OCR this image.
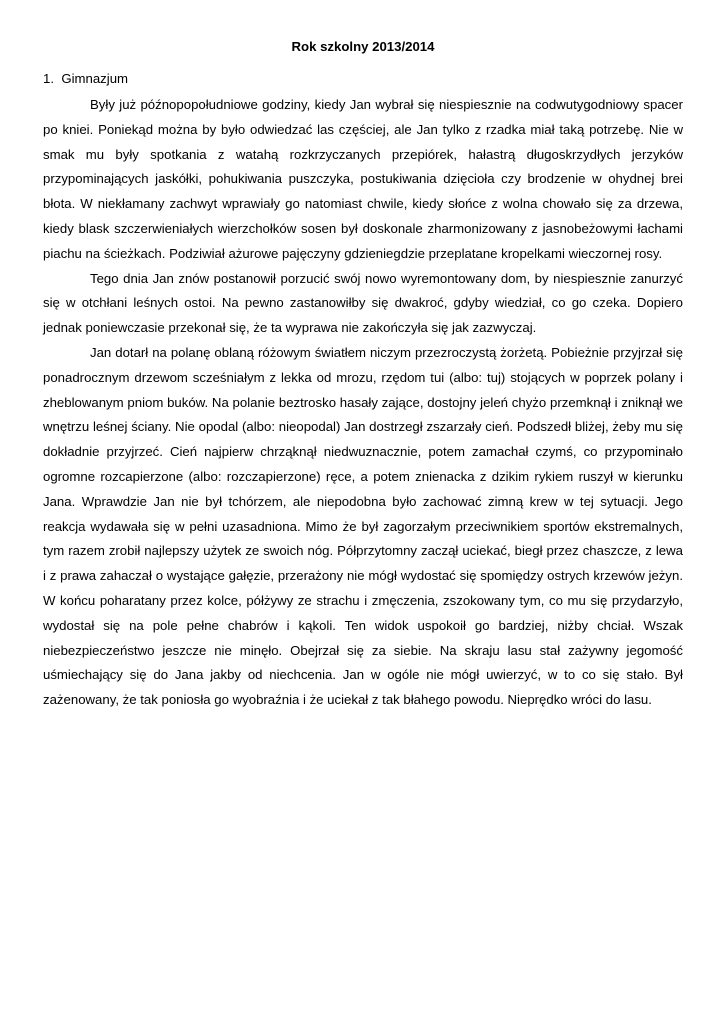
Rok szkolny 2013/2014
1.  Gimnazjum

Były już późnopopołudniowe godziny, kiedy Jan wybrał się niespiesznie na codwutygodniowy spacer po kniei. Poniekąd można by było odwiedzać las częściej, ale Jan tylko z rzadka miał taką potrzebę. Nie w smak mu były spotkania z watahą rozkrzyczanych przepiórek, hałastrą długoskrzydłych jerzyków przypominających jaskółki, pohukiwania puszczyka, postukiwania dzięcioła czy brodzenie w ohydnej brei błota. W niekłamany zachwyt wprawiały go natomiast chwile, kiedy słońce z wolna chowało się za drzewa, kiedy blask szczerwieniałych wierzchołków sosen był doskonale zharmonizowany z jasnobeżowymi łachami piachu na ścieżkach. Podziwiał ażurowe pajęczyny gdzieniegdzie przeplatane kropelkami wieczornej rosy.

Tego dnia Jan znów postanowił porzucić swój nowo wyremontowany dom, by niespiesznie zanurzyć się w otchłani leśnych ostoi. Na pewno zastanowiłby się dwakroć, gdyby wiedział, co go czeka. Dopiero jednak poniewczasie przekonał się, że ta wyprawa nie zakończyła się jak zazwyczaj.

Jan dotarł na polanę oblaną różowym światłem niczym przezroczystą żorżetą. Pobieżnie przyjrzał się ponadrocznym drzewom scześniałym z lekka od mrozu, rzędom tui (albo: tuj) stojących w poprzek polany i zheblowanym pniom buków. Na polanie beztrosko hasały zające, dostojny jeleń chyżo przemknął i zniknął we wnętrzu leśnej ściany. Nie opodal (albo: nieopodal) Jan dostrzegł zszarzały cień. Podszedł bliżej, żeby mu się dokładnie przyjrzeć. Cień najpierw chrząknął niedwuznacznie, potem zamachał czymś, co przypominało ogromne rozcapierzone (albo: rozczapierzone) ręce, a potem znienacka z dzikim rykiem ruszył w kierunku Jana. Wprawdzie Jan nie był tchórzem, ale niepodobna było zachować zimną krew w tej sytuacji. Jego reakcja wydawała się w pełni uzasadniona. Mimo że był zagorzałym przeciwnikiem sportów ekstremalnych, tym razem zrobił najlepszy użytek ze swoich nóg. Półprzytomny zaczął uciekać, biegł przez chaszcze, z lewa i z prawa zahaczał o wystające gałęzie, przerażony nie mógł wydostać się spomiędzy ostrych krzewów jeżyn. W końcu poharatany przez kolce, półżywy ze strachu i zmęczenia, zszokowany tym, co mu się przydarzyło, wydostał się na pole pełne chabrów i kąkoli. Ten widok uspokoił go bardziej, niżby chciał. Wszak niebezpieczeństwo jeszcze nie minęło. Obejrzał się za siebie. Na skraju lasu stał zażywny jegomość uśmiechający się do Jana jakby od niechcenia. Jan w ogóle nie mógł uwierzyć, w to co się stało. Był zażenowany, że tak poniosła go wyobraźnia i że uciekał z tak błahego powodu. Nieprędko wróci do lasu.
